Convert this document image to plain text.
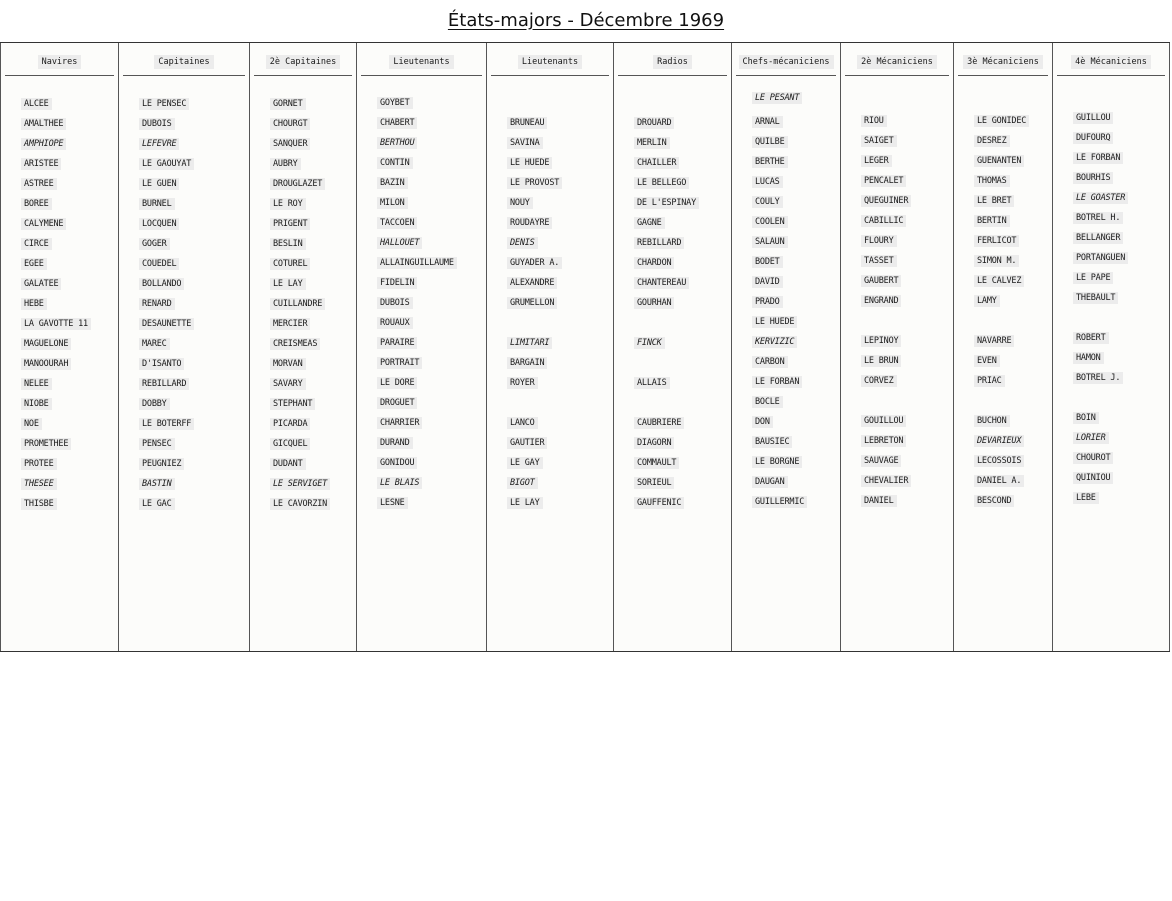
États-majors - Décembre 1969
Navires
ALCEE
AMALTHEE
AMPHIOPE
ARISTEE
ASTREE
BOREE
CALYMENE
CIRCE
EGEE
GALATEE
HEBE
LA GAVOTTE 11
MAGUELONE
MANOOURAH
NELEE
NIOBE
NOE
PROMETHEE
PROTEE
THESEE
THISBE
Capitaines
LE PENSEC
DUBOIS
LEFEVRE
LE GAOUYAT
LE GUEN
BURNEL
LOCQUEN
GOGER
COUEDEL
BOLLANDO
RENARD
DESAUNETTE
MAREC
D'ISANTO
REBILLARD
DOBBY
LE BOTERFF
PENSEC
PEUGNIEZ
BASTIN
LE GAC
2è Capitaines
GORNET
CHOURGT
SANQUER
AUBRY
DROUGLAZET
LE ROY
PRIGENT
BESLIN
COTUREL
LE LAY
CUILLANDRE
MERCIER
CREISMEAS
MORVAN
SAVARY
STEPHANT
PICARDA
GICQUEL
DUDANT
LE SERVIGET
LE CAVORZIN
Lieutenants
GOYBET
CHABERT
BERTHOU
CONTIN
BAZIN
MILON
TACCOEN
HALLOUET
ALLAINGUILLAUME
FIDELIN
DUBOIS
ROUAUX
PARAIRE
PORTRAIT
LE DORE
DROGUET
CHARRIER
DURAND
GONIDOU
LE BLAIS
LESNE
Lieutenants
BRUNEAU
SAVINA
LE HUEDE
LE PROVOST
NOUY
ROUDAYRE
DENIS
GUYADER A.
ALEXANDRE
GRUMELLON
LIMITARI
BARGAIN
ROYER
LANCO
GAUTIER
LE GAY
BIGOT
LE LAY
Radios
DROUARD
MERLIN
CHAILLER
LE BELLEGO
DE L'ESPINAY
GAGNE
REBILLARD
CHARDON
CHANTEREAU
GOURHAN
FINCK
ALLAIS
CAUBRIERE
DIAGORN
COMMAULT
SORIEUL
GAUFFENIC
Chefs-mécaniciens
LE PESANT
ARNAL
QUILBE
BERTHE
LUCAS
COULY
COOLEN
SALAUN
BODET
DAVID
PRADO
LE HUEDE
KERVIZIC
CARBON
LE FORBAN
BOCLE
DON
BAUSIEC
LE BORGNE
DAUGAN
GUILLERMIC
2è Mécaniciens
RIOU
SAIGET
LEGER
PENCALET
QUEGUINER
CABILLIC
FLOURY
TASSET
GAUBERT
ENGRAND
LEPINOY
LE BRUN
CORVEZ
GOUILLOU
LEBRETON
SAUVAGE
CHEVALIER
DANIEL
3è Mécaniciens
LE GONIDEC
DESREZ
GUENANTEN
THOMAS
LE BRET
BERTIN
FERLICOT
SIMON M.
LE CALVEZ
LAMY
NAVARRE
EVEN
PRIAC
BUCHON
DEVARIEUX
LECOSSOIS
DANIEL A.
BESCOND
4è Mécaniciens
GUILLOU
DUFOURQ
LE FORBAN
BOURHIS
LE GOASTER
BOTREL H.
BELLANGER
PORTANGUEN
LE PAPE
THEBAULT
ROBERT
HAMON
BOTREL J.
BOIN
LORIER
CHOUROT
QUINIOU
LEBE
